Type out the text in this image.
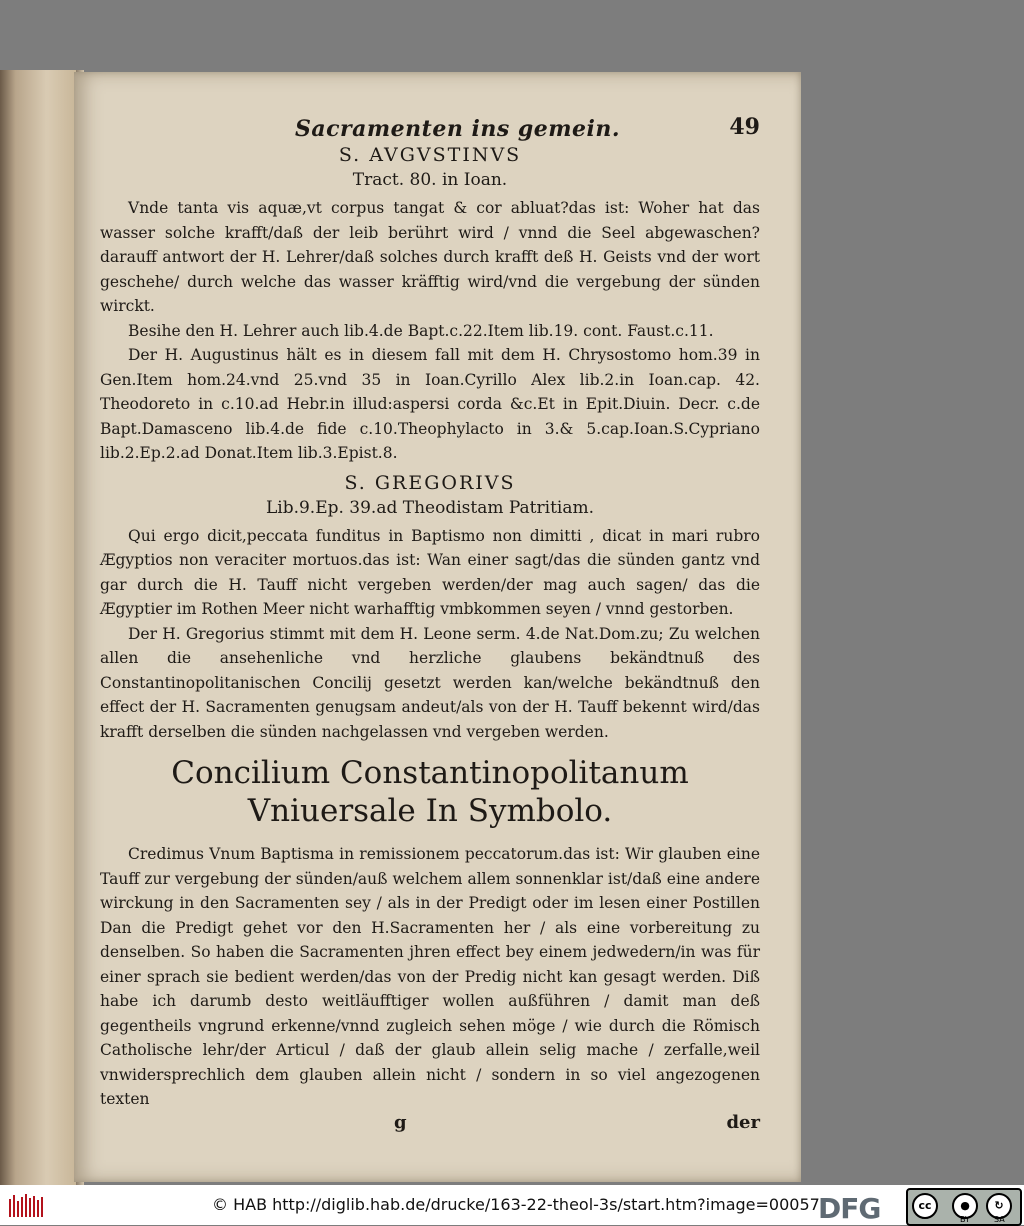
Sacramenten ins gemein.	49
S. AVGVSTINVS
Tract. 80. in Ioan.

Vnde tanta vis aquæ,vt corpus tangat & cor abluat?das ist: Woher hat das wasser solche krafft/daß der leib berührt wird / vnnd die Seel abgewaschen?darauff antwort der H. Lehrer/daß solches durch krafft deß H. Geists vnd der wort geschehe/ durch welche das wasser kräfftig wird/vnd die vergebung der sünden wirckt.

Besihe den H. Lehrer auch lib.4.de Bapt.c.22.Item lib.19. cont. Faust.c.11.

Der H. Augustinus hält es in diesem fall mit dem H. Chrysostomo hom.39 in Gen.Item hom.24.vnd 25.vnd 35 in Ioan.Cyrillo Alex lib.2.in Ioan.cap. 42. Theodoreto in c.10.ad Hebr.in illud:aspersi corda &c.Et in Epit.Diuin. Decr. c.de Bapt.Damasceno lib.4.de fide c.10.Theophylacto in 3.& 5.cap.Ioan.S.Cypriano lib.2.Ep.2.ad Donat.Item lib.3.Epist.8.

S. GREGORIVS
Lib.9.Ep. 39.ad Theodistam Patritiam.

Qui ergo dicit,peccata funditus in Baptismo non dimitti , dicat in mari rubro Ægyptios non veraciter mortuos.das ist: Wan einer sagt/das die sünden gantz vnd gar durch die H. Tauff nicht vergeben werden/der mag auch sagen/ das die Ægyptier im Rothen Meer nicht warhafftig vmbkommen seyen / vnnd gestorben.

Der H. Gregorius stimmt mit dem H. Leone serm. 4.de Nat.Dom.zu; Zu welchen allen die ansehenliche vnd herzliche glaubens bekändtnuß des Constantinopolitanischen Concilij gesetzt werden kan/welche bekändtnuß den effect der H. Sacramenten genugsam andeut/als von der H. Tauff bekennt wird/das krafft derselben die sünden nachgelassen vnd vergeben werden.

Concilium Constantinopolitanum Vniuersale In Symbolo.

Credimus Vnum Baptisma in remissionem peccatorum.das ist: Wir glauben eine Tauff zur vergebung der sünden/auß welchem allem sonnenklar ist/daß eine andere wirckung in den Sacramenten sey / als in der Predigt oder im lesen einer Postillen Dan die Predigt gehet vor den H.Sacramenten her / als eine vorbereitung zu denselben. So haben die Sacramenten jhren effect bey einem jedwedern/in was für einer sprach sie bedient werden/das von der Predig nicht kan gesagt werden. Diß habe ich darumb desto weitläufftiger wollen außführen / damit man deß gegentheils vngrund erkenne/vnnd zugleich sehen möge / wie durch die Römisch Catholische lehr/der Articul / daß der glaub allein selig mache / zerfalle,weil vnwidersprechlich dem glauben allein nicht / sondern in so viel angezogenen texten

g	der
© HAB http://diglib.hab.de/drucke/163-22-theol-3s/start.htm?image=00057
DFG	cc	●	↻
BY	SA
